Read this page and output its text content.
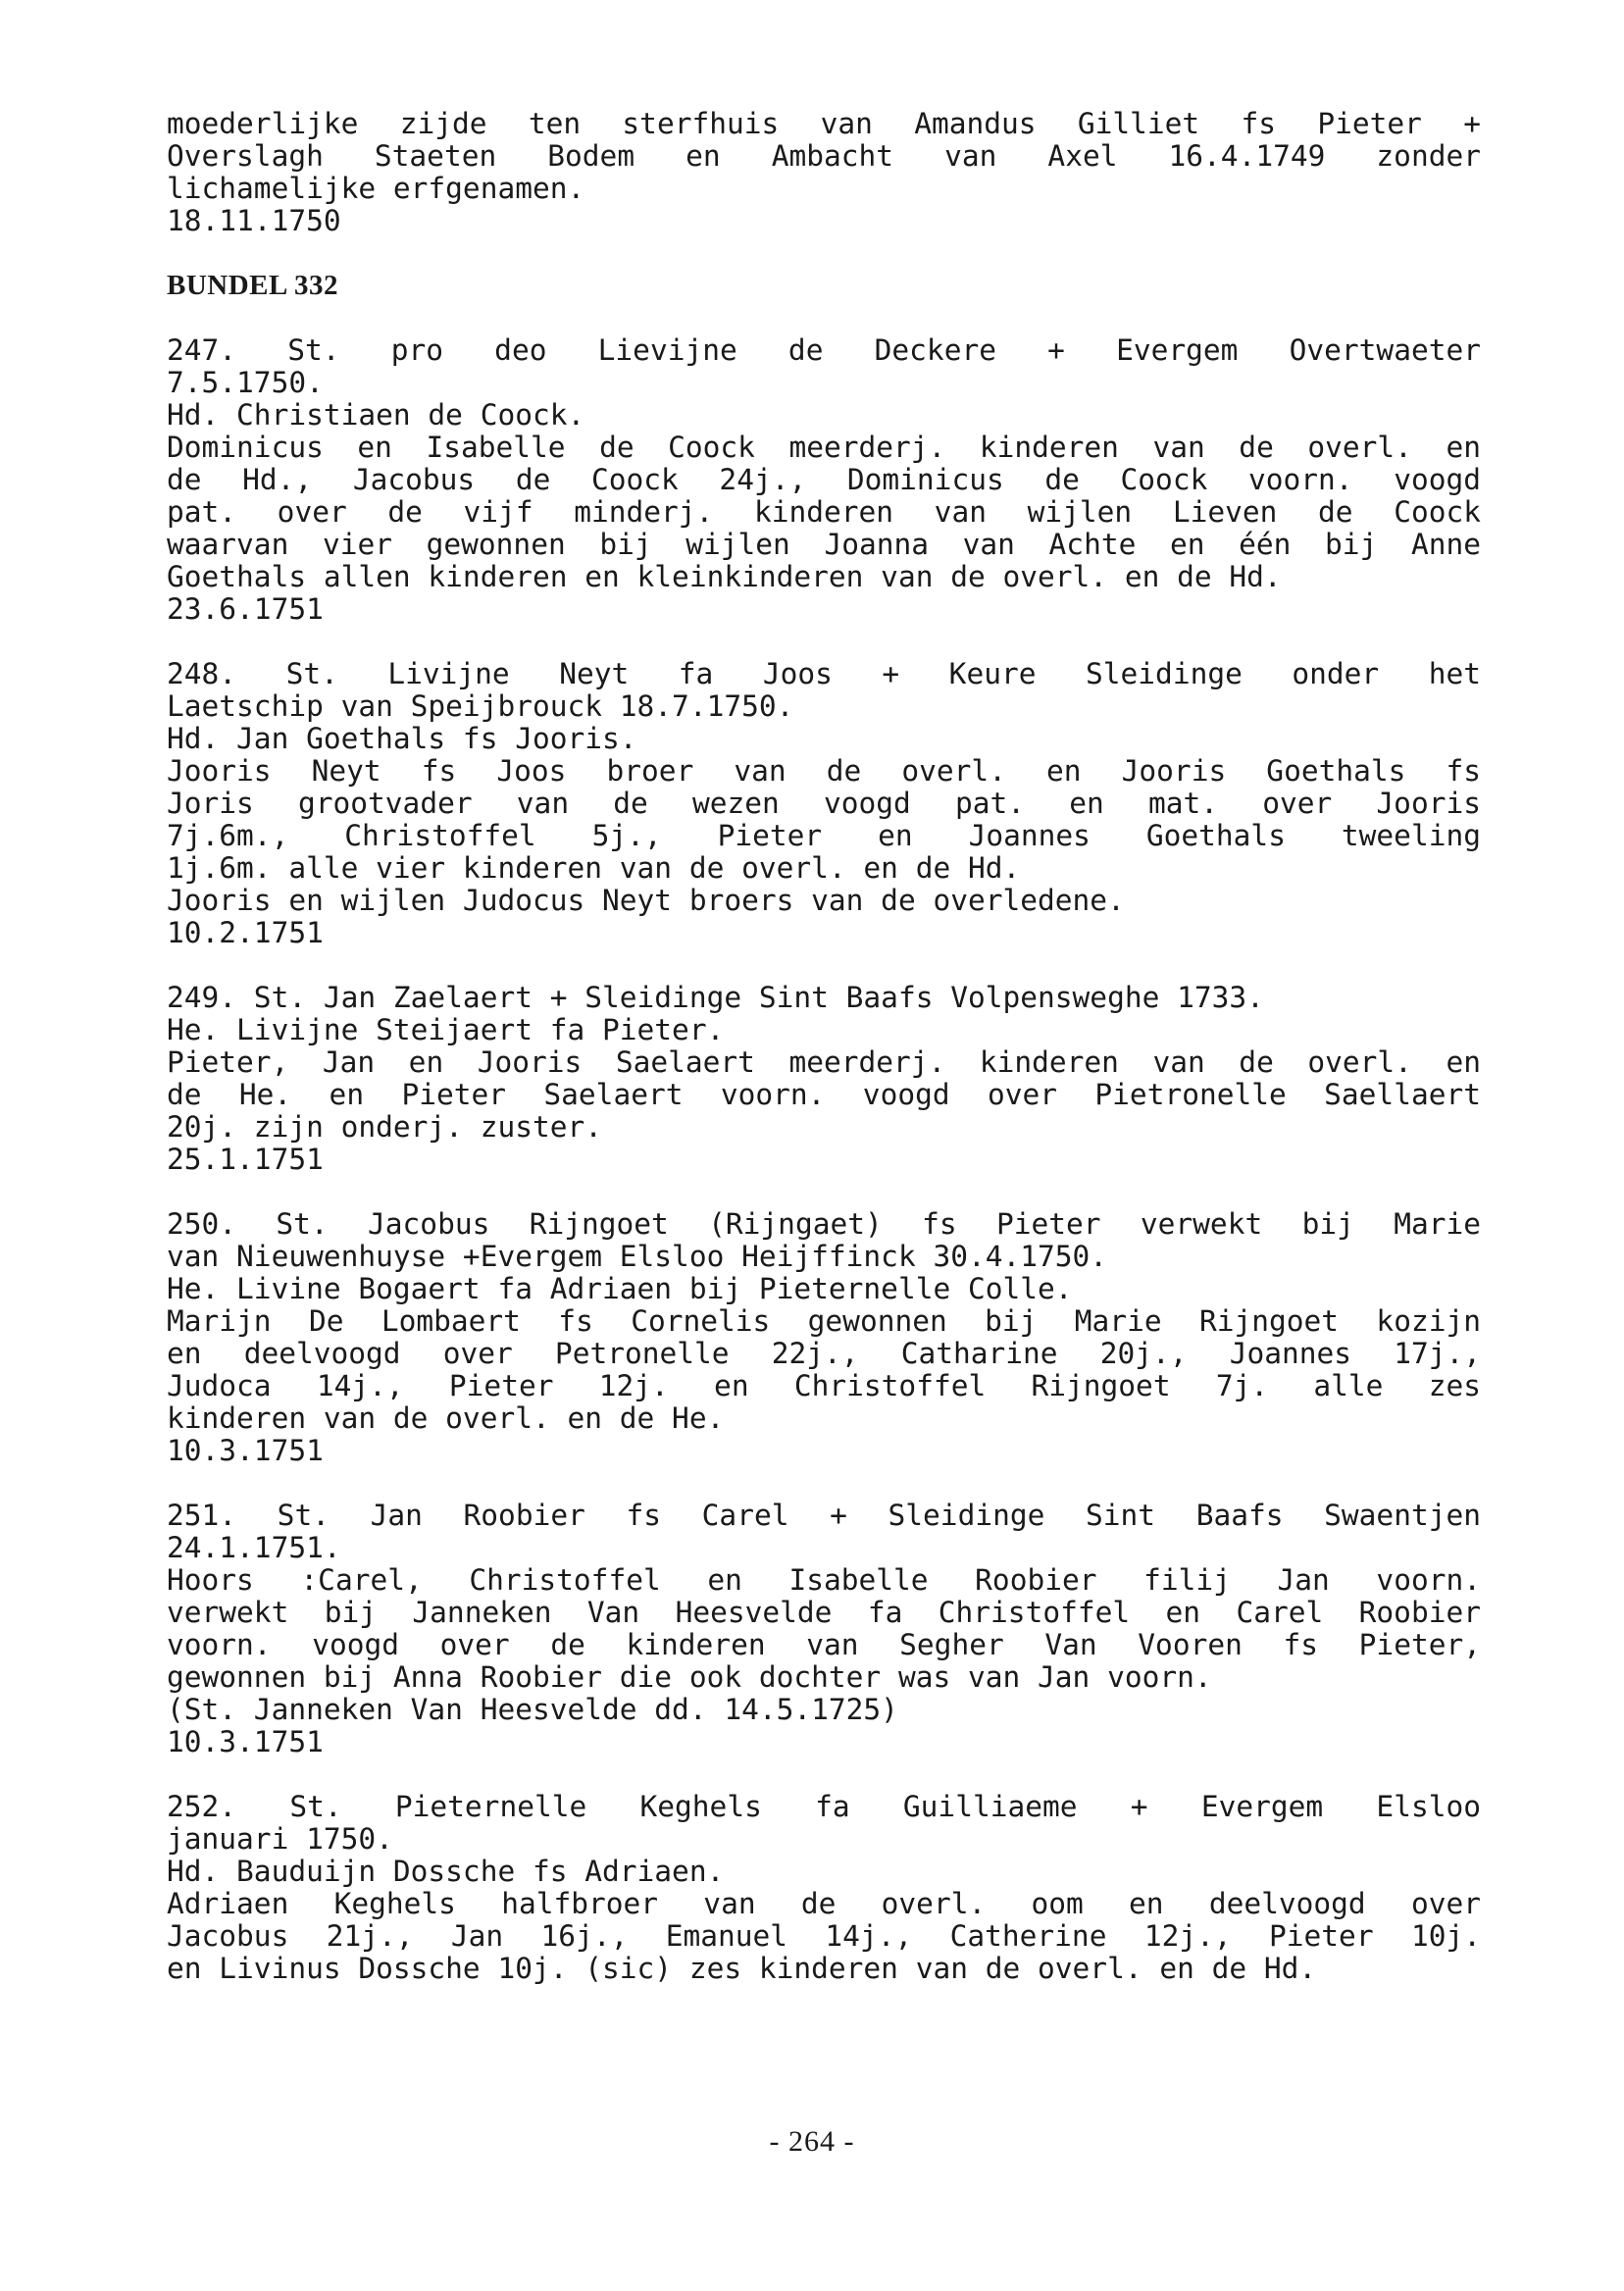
moederlijke zijde ten sterfhuis van Amandus Gilliet fs Pieter +
Overslagh Staeten Bodem en Ambacht van Axel 16.4.1749 zonder
lichamelijke erfgenamen.
18.11.1750
BUNDEL 332
247. St. pro deo Lievijne de Deckere + Evergem Overtwaeter
7.5.1750.
Hd. Christiaen de Coock.
Dominicus en Isabelle de Coock meerderj. kinderen van de overl. en
de Hd., Jacobus de Coock 24j., Dominicus de Coock voorn. voogd
pat. over de vijf minderj. kinderen van wijlen Lieven de Coock
waarvan vier gewonnen bij wijlen Joanna van Achte en één bij Anne
Goethals allen kinderen en kleinkinderen van de overl. en de Hd.
23.6.1751
248. St. Livijne Neyt fa Joos + Keure Sleidinge onder het
Laetschip van Speijbrouck 18.7.1750.
Hd. Jan Goethals fs Jooris.
Jooris Neyt fs Joos broer van de overl. en Jooris Goethals fs
Joris grootvader van de wezen voogd pat. en mat. over Jooris
7j.6m., Christoffel 5j., Pieter en Joannes Goethals tweeling
1j.6m. alle vier kinderen van de overl. en de Hd.
Jooris en wijlen Judocus Neyt broers van de overledene.
10.2.1751
249. St. Jan Zaelaert + Sleidinge Sint Baafs Volpensweghe 1733.
He. Livijne Steijaert fa Pieter.
Pieter, Jan en Jooris Saelaert meerderj. kinderen van de overl. en
de He. en Pieter Saelaert voorn. voogd over Pietronelle Saellaert
20j. zijn onderj. zuster.
25.1.1751
250. St. Jacobus Rijngoet (Rijngaet) fs Pieter verwekt bij Marie
van Nieuwenhuyse +Evergem Elsloo Heijffinck 30.4.1750.
He. Livine Bogaert fa Adriaen bij Pieternelle Colle.
Marijn De Lombaert fs Cornelis gewonnen bij Marie Rijngoet kozijn
en deelvoogd over Petronelle 22j., Catharine 20j., Joannes 17j.,
Judoca 14j., Pieter 12j. en Christoffel Rijngoet 7j. alle zes
kinderen van de overl. en de He.
10.3.1751
251. St. Jan Roobier fs Carel + Sleidinge Sint Baafs Swaentjen
24.1.1751.
Hoors :Carel, Christoffel en Isabelle Roobier filij Jan voorn.
verwekt bij Janneken Van Heesvelde fa Christoffel en Carel Roobier
voorn. voogd over de kinderen van Segher Van Vooren fs Pieter,
gewonnen bij Anna Roobier die ook dochter was van Jan voorn.
(St. Janneken Van Heesvelde dd. 14.5.1725)
10.3.1751
252. St. Pieternelle Keghels fa Guilliaeme + Evergem Elsloo
januari 1750.
Hd. Bauduijn Dossche fs Adriaen.
Adriaen Keghels halfbroer van de overl. oom en deelvoogd over
Jacobus 21j., Jan 16j., Emanuel 14j., Catherine 12j., Pieter 10j.
en Livinus Dossche 10j. (sic) zes kinderen van de overl. en de Hd.
- 264 -
